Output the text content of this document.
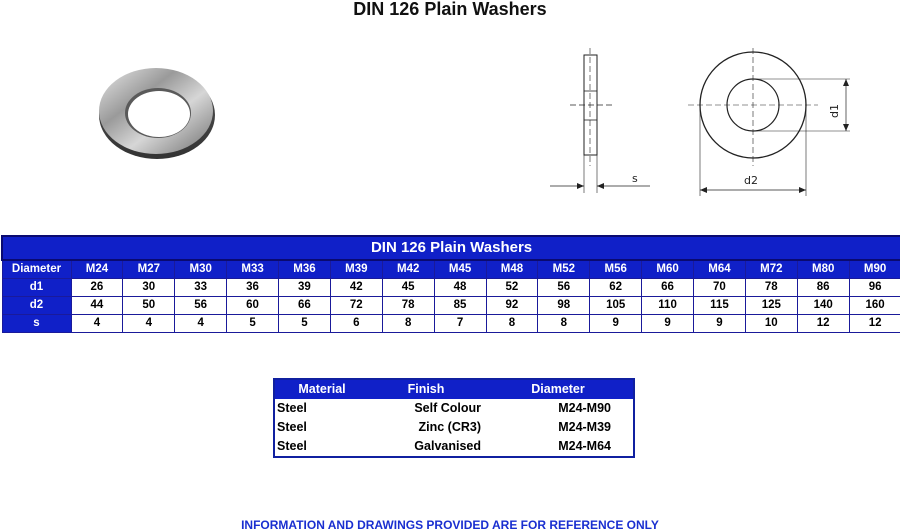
DIN 126 Plain Washers
s
d1
d2
DIN 126 Plain Washers																
Diameter	M24	M27	M30	M33	M36	M39	M42	M45	M48	M52	M56	M60	M64	M72	M80	M90
d1	26	30	33	36	39	42	45	48	52	56	62	66	70	78	86	96
d2	44	50	56	60	66	72	78	85	92	98	105	110	115	125	140	160
s	4	4	4	5	5	6	8	7	8	8	9	9	9	10	12	12
Material	Finish	Diameter
Steel	Self Colour	M24-M90
Steel	Zinc (CR3)	M24-M39
Steel	Galvanised	M24-M64
INFORMATION AND DRAWINGS PROVIDED ARE FOR REFERENCE ONLY
